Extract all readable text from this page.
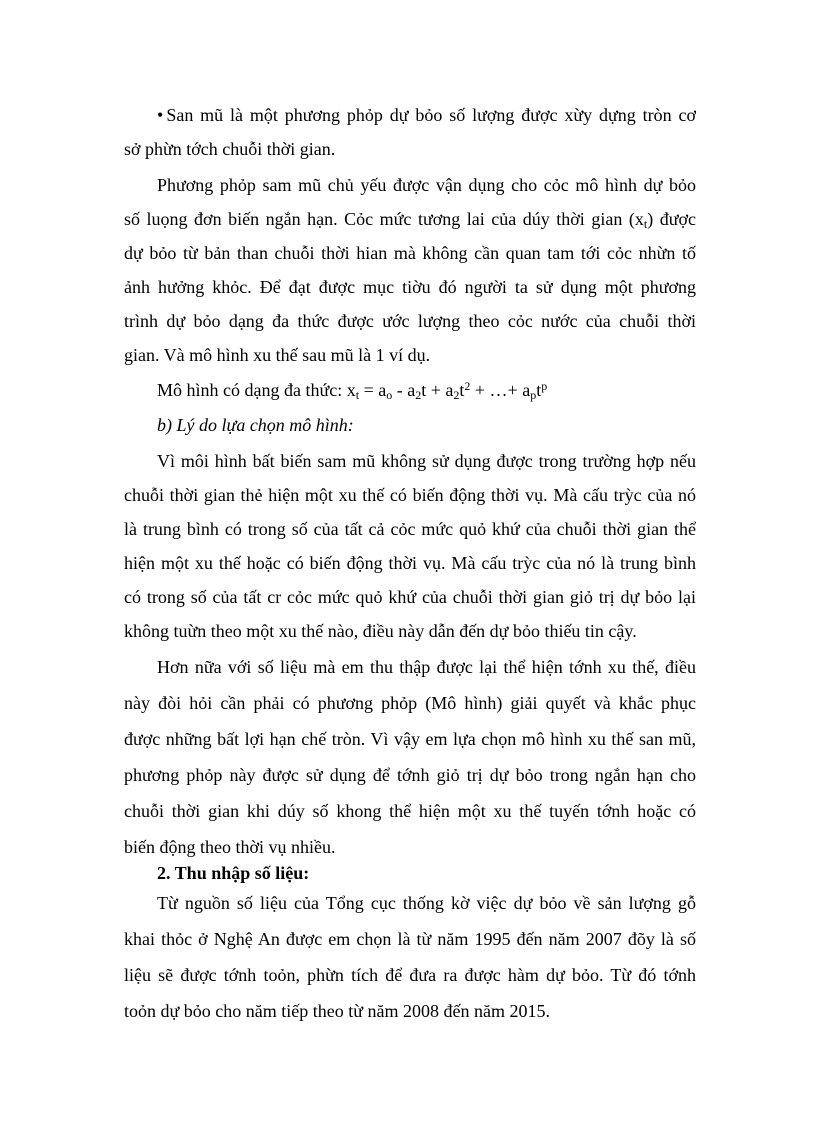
• San mũ là một phương phỏp dự bỏo số lượng được xừy dựng tròn cơ
sở phừn tớch chuỗi thời gian.
Phương phỏp sam mũ chủ yếu được vận dụng cho cỏc mô hình dự bỏo
số luọng đơn biến ngắn hạn. Cỏc mức tương lai của dúy thời gian $(x_t)$ được
dự bỏo từ bản than chuỗi thời hian mà không cần quan tam tới cỏc nhừn tố
ảnh hưởng khỏc. Để đạt được mục tiờu đó người ta sử dụng một phương
trình dự bỏo dạng đa thức được ước lượng theo cỏc nước của chuỗi thời
gian. Và mô hình xu thế sau mũ là 1 ví dụ.
Mô hình có dạng đa thức: $x_t = a_o - a_2t + a_2t^2$ + …+ $a_pt^p$
b) Lý do lựa chọn mô hình:
Vì môi hình bất biến sam mũ không sử dụng được trong trường hợp nếu
chuỗi thời gian thẻ hiện một xu thế có biến động thời vụ. Mà cấu trỳc của nó
là trung bình có trong số của tất cả cỏc mức quỏ khứ của chuỗi thời gian thể
hiện một xu thế hoặc có biến động thời vụ. Mà cấu trỳc của nó là trung bình
có trong số của tất cr cỏc mức quỏ khứ của chuỗi thời gian giỏ trị dự bỏo lại
không tuừn theo một xu thế nào, điều này dẫn đến dự bỏo thiếu tin cậy.
Hơn nữa với số liệu mà em thu thập được lại thể hiện tớnh xu thế, điều
này đòi hỏi cần phải có phương phỏp (Mô hình) giải quyết và khắc phục
được những bất lợi hạn chế tròn. Vì vậy em lựa chọn mô hình xu thế san mũ,
phương phỏp này được sử dụng để tớnh giỏ trị dự bỏo trong ngắn hạn cho
chuỗi thời gian khi dúy số khong thể hiện một xu thế tuyến tớnh hoặc có
biến động theo thời vụ nhiều.
2. Thu nhập số liệu:
Từ nguồn số liệu của Tổng cục thống kờ việc dự bỏo về sản lượng gỗ
khai thỏc ở Nghệ An được em chọn là từ năm 1995 đến năm 2007 đõy là số
liệu sẽ được tớnh toỏn, phừn tích để đưa ra được hàm dự bỏo. Từ đó tớnh
toỏn dự bỏo cho năm tiếp theo từ năm 2008 đến năm 2015.
